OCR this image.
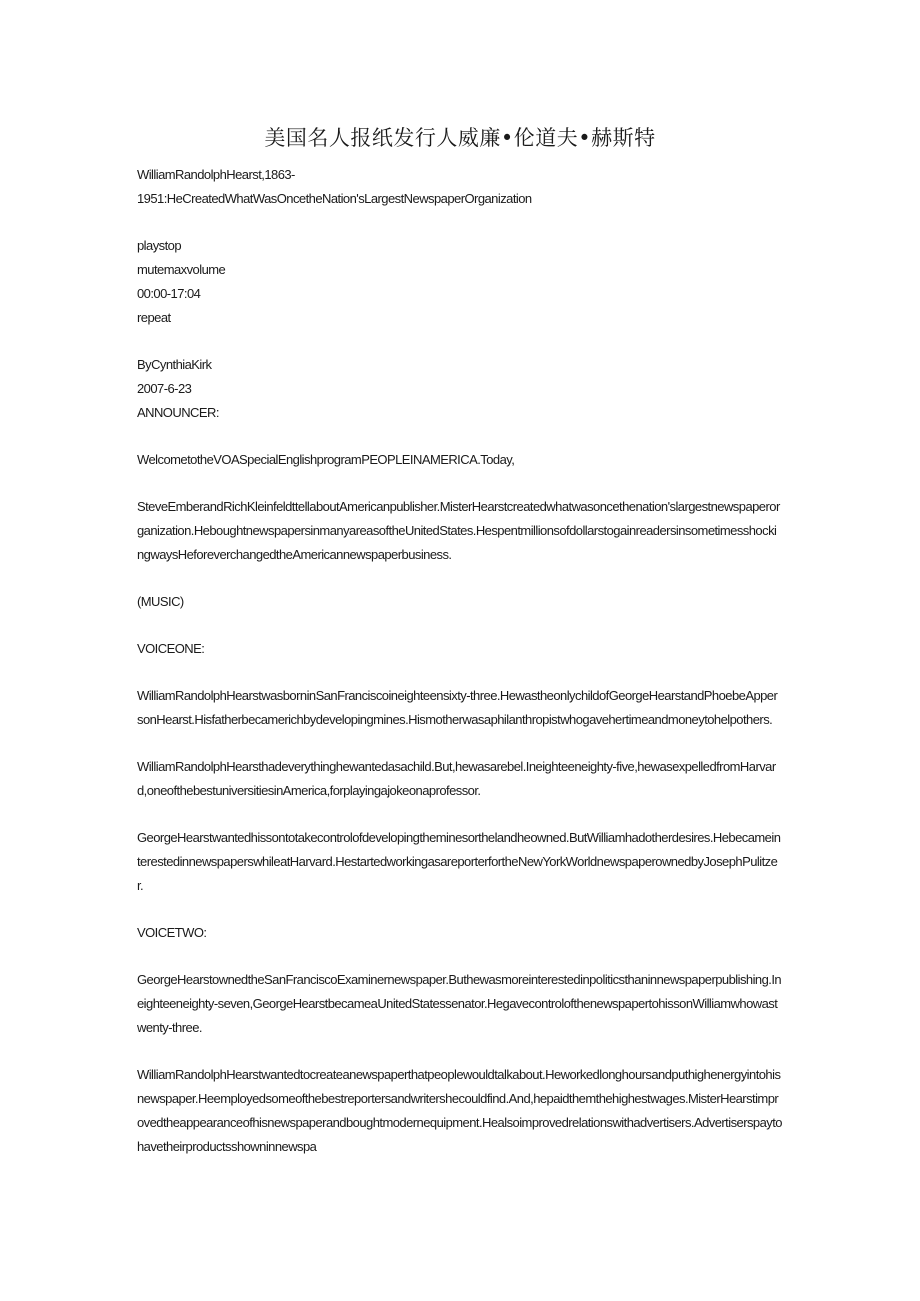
美国名人报纸发行人威廉•伦道夫•赫斯特

WilliamRandolphHearst,1863-

1951:HeCreatedWhatWasOncetheNation'sLargestNewspaperOrganization

playstop

mutemaxvolume

00:00-17:04

repeat

ByCynthiaKirk

2007-6-23

ANNOUNCER:

WelcometotheVOASpecialEnglishprogramPEOPLEINAMERICA.Today,

SteveEmberandRichKleinfeldttellaboutAmericanpublisher.MisterHearstcreatedwhatwasoncethenation'slargestnewspaperorganization.HeboughtnewspapersinmanyareasoftheUnitedStates.HespentmillionsofdollarstogainreadersinsometimesshockingwaysHeforeverchangedtheAmericannewspaperbusiness.

(MUSIC)

VOICEONE:

WilliamRandolphHearstwasborninSanFranciscoineighteensixty-three.HewastheonlychildofGeorgeHearstandPhoebeAppersonHearst.Hisfatherbecamerichbydevelopingmines.Hismotherwasaphilanthropistwhogavehertimeandmoneytohelpothers.

WilliamRandolphHearsthadeverythinghewantedasachild.But,hewasarebel.Ineighteeneighty-five,hewasexpelledfromHarvard,oneofthebestuniversitiesinAmerica,forplayingajokeonaprofessor.

GeorgeHearstwantedhissontotakecontrolofdevelopingtheminesorthelandheowned.ButWilliamhadotherdesires.HebecameinterestedinnewspaperswhileatHarvard.HestartedworkingasareporterfortheNewYorkWorldnewspaperownedbyJosephPulitzer.

VOICETWO:

GeorgeHearstownedtheSanFranciscoExaminernewspaper.Buthewasmoreinterestedinpoliticsthaninnewspaperpublishing.Ineighteeneighty-seven,GeorgeHearstbecameaUnitedStatessenator.HegavecontrolofthenewspapertohissonWilliamwhowastwenty-three.

WilliamRandolphHearstwantedtocreateanewspaperthatpeoplewouldtalkabout.Heworkedlonghoursandputhighenergyintohisnewspaper.Heemployedsomeofthebestreportersandwritershecouldfind.And,hepaidthemthehighestwages.MisterHearstimprovedtheappearanceofhisnewspaperandboughtmodernequipment.Healsoimprovedrelationswithadvertisers.Advertiserspaytohavetheirproductsshowninnewspa
